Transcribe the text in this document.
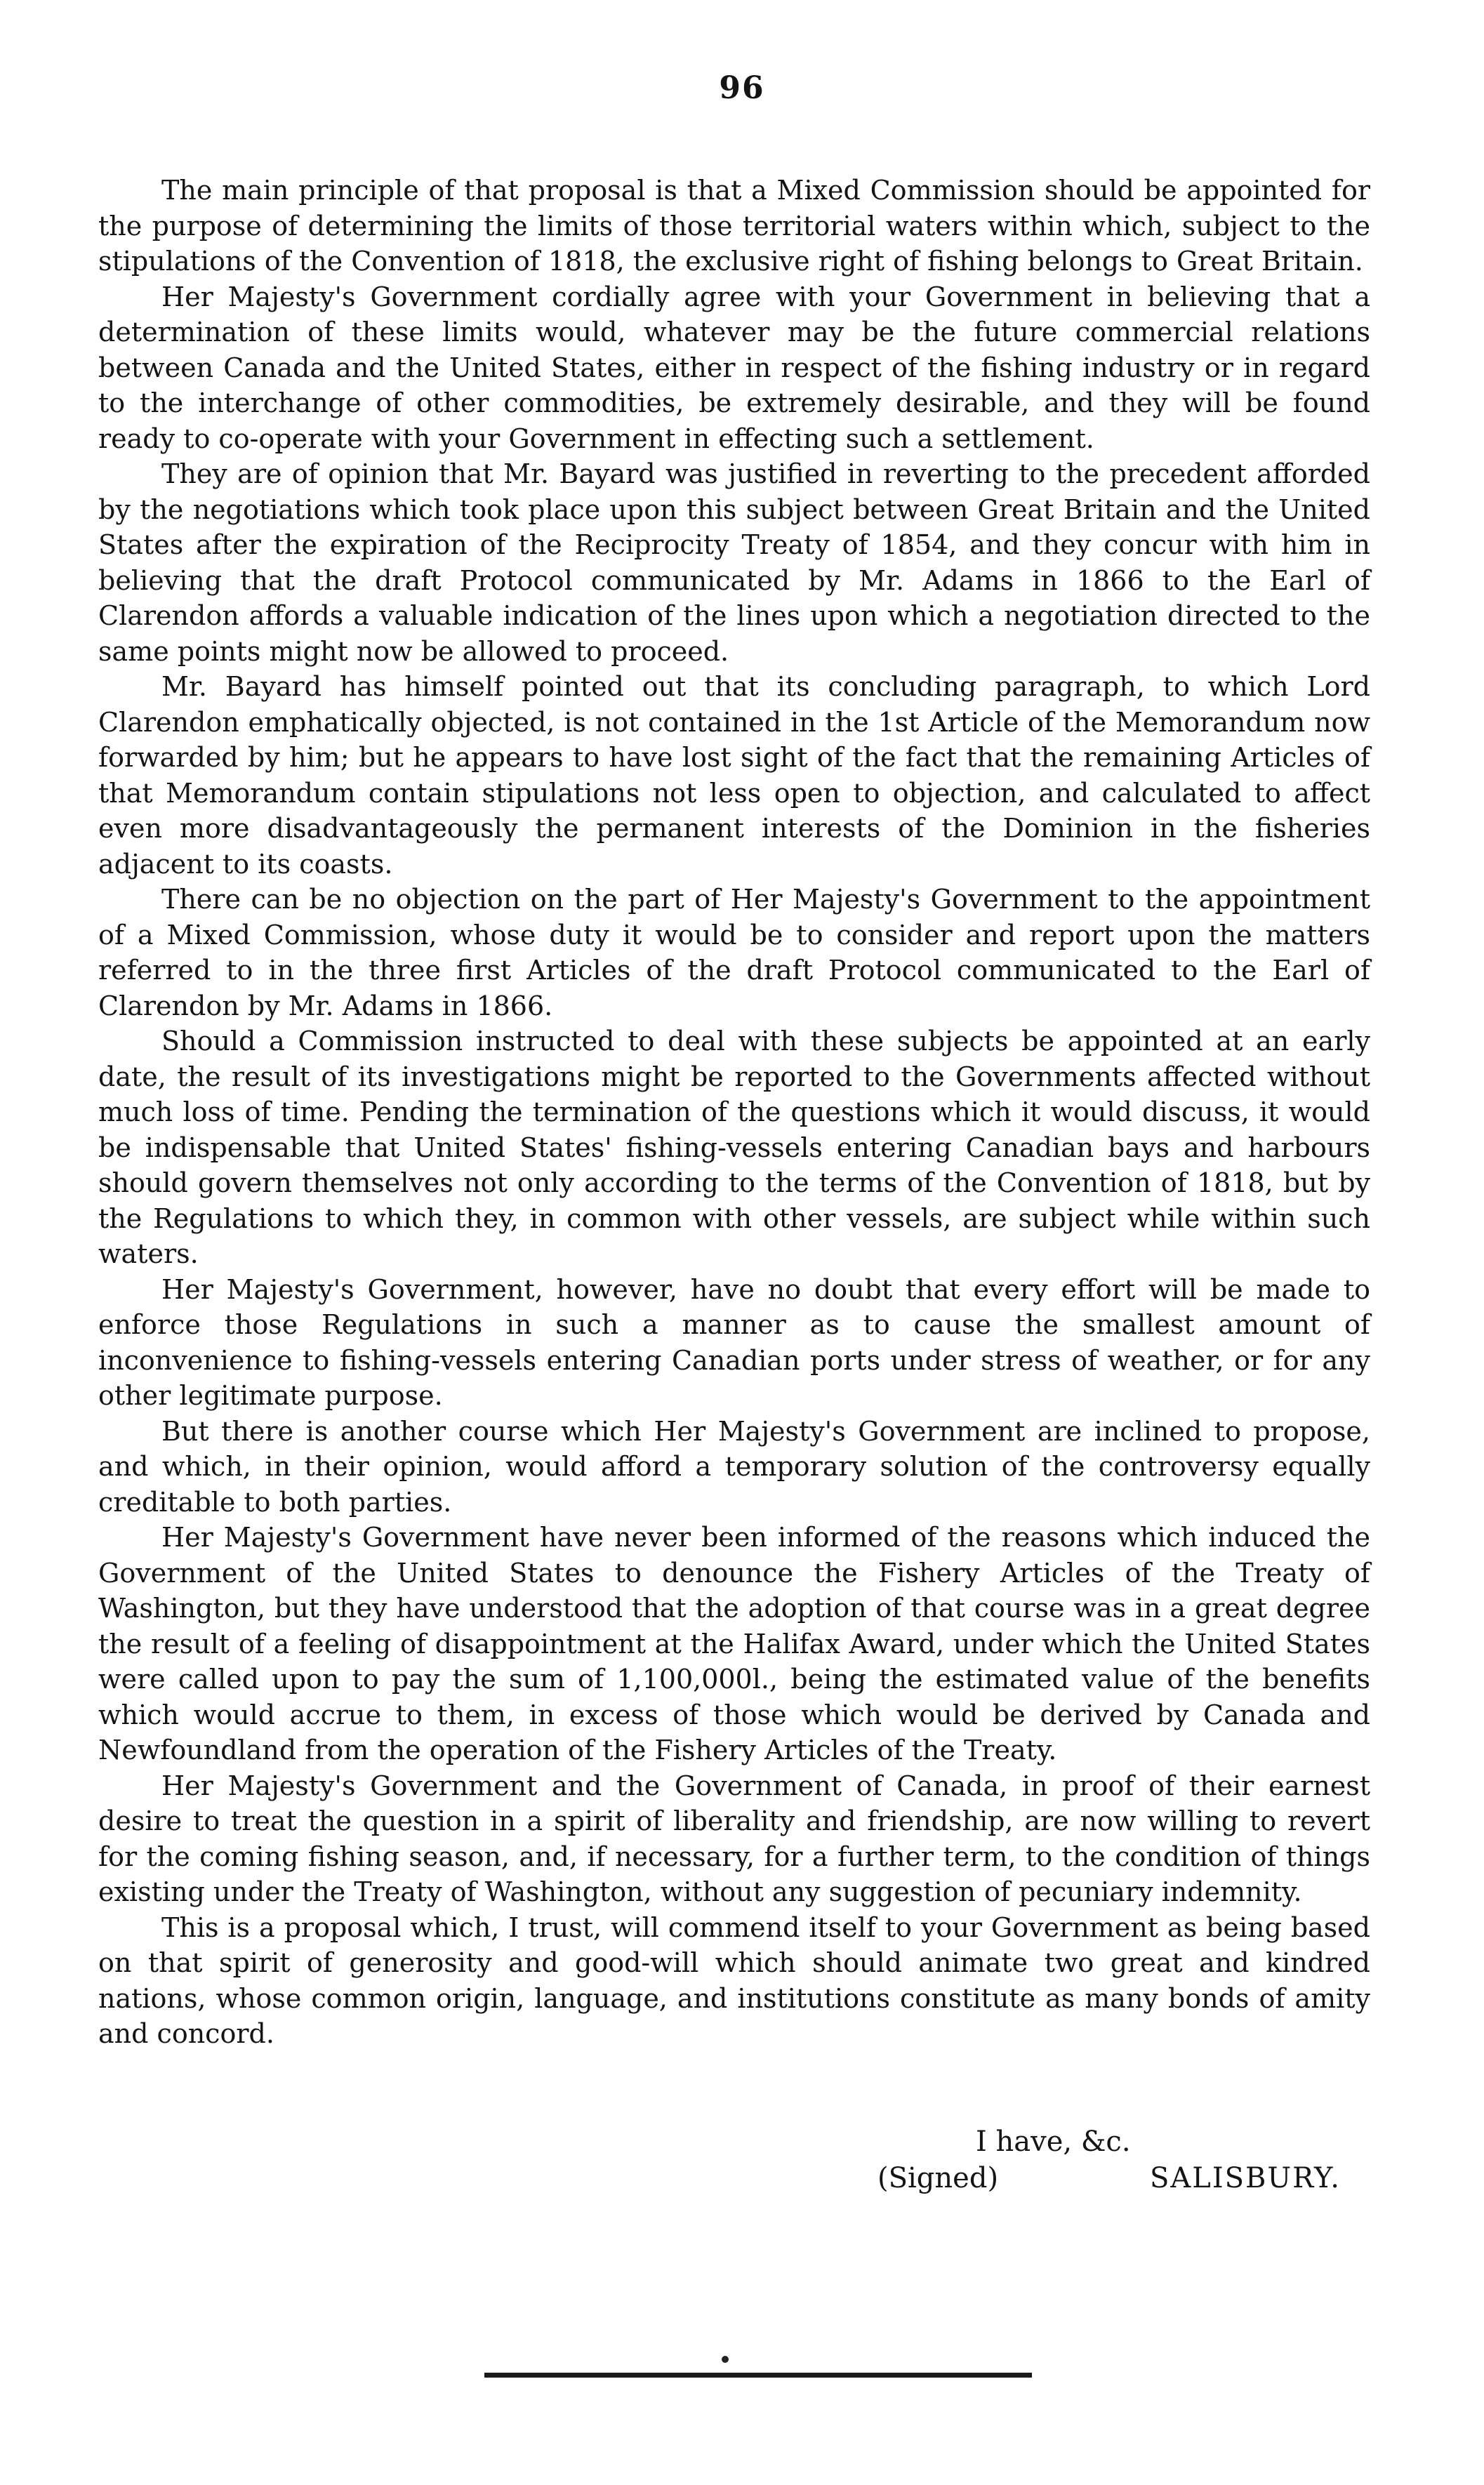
96

The main principle of that proposal is that a Mixed Commission should be appointed for the purpose of determining the limits of those territorial waters within which, subject to the stipulations of the Convention of 1818, the exclusive right of fishing belongs to Great Britain.

Her Majesty's Government cordially agree with your Government in believing that a determination of these limits would, whatever may be the future commercial relations between Canada and the United States, either in respect of the fishing industry or in regard to the interchange of other commodities, be extremely desirable, and they will be found ready to co-operate with your Government in effecting such a settlement.

They are of opinion that Mr. Bayard was justified in reverting to the precedent afforded by the negotiations which took place upon this subject between Great Britain and the United States after the expiration of the Reciprocity Treaty of 1854, and they concur with him in believing that the draft Protocol communicated by Mr. Adams in 1866 to the Earl of Clarendon affords a valuable indication of the lines upon which a negotiation directed to the same points might now be allowed to proceed.

Mr. Bayard has himself pointed out that its concluding paragraph, to which Lord Clarendon emphatically objected, is not contained in the 1st Article of the Memorandum now forwarded by him; but he appears to have lost sight of the fact that the remaining Articles of that Memorandum contain stipulations not less open to objection, and calculated to affect even more disadvantageously the permanent interests of the Dominion in the fisheries adjacent to its coasts.

There can be no objection on the part of Her Majesty's Government to the appointment of a Mixed Commission, whose duty it would be to consider and report upon the matters referred to in the three first Articles of the draft Protocol communicated to the Earl of Clarendon by Mr. Adams in 1866.

Should a Commission instructed to deal with these subjects be appointed at an early date, the result of its investigations might be reported to the Governments affected without much loss of time. Pending the termination of the questions which it would discuss, it would be indispensable that United States' fishing-vessels entering Canadian bays and harbours should govern themselves not only according to the terms of the Convention of 1818, but by the Regulations to which they, in common with other vessels, are subject while within such waters.

Her Majesty's Government, however, have no doubt that every effort will be made to enforce those Regulations in such a manner as to cause the smallest amount of inconvenience to fishing-vessels entering Canadian ports under stress of weather, or for any other legitimate purpose.

But there is another course which Her Majesty's Government are inclined to propose, and which, in their opinion, would afford a temporary solution of the controversy equally creditable to both parties.

Her Majesty's Government have never been informed of the reasons which induced the Government of the United States to denounce the Fishery Articles of the Treaty of Washington, but they have understood that the adoption of that course was in a great degree the result of a feeling of disappointment at the Halifax Award, under which the United States were called upon to pay the sum of 1,100,000l., being the estimated value of the benefits which would accrue to them, in excess of those which would be derived by Canada and Newfoundland from the operation of the Fishery Articles of the Treaty.

Her Majesty's Government and the Government of Canada, in proof of their earnest desire to treat the question in a spirit of liberality and friendship, are now willing to revert for the coming fishing season, and, if necessary, for a further term, to the condition of things existing under the Treaty of Washington, without any suggestion of pecuniary indemnity.

This is a proposal which, I trust, will commend itself to your Government as being based on that spirit of generosity and good-will which should animate two great and kindred nations, whose common origin, language, and institutions constitute as many bonds of amity and concord.

I have, &c.
(Signed)	SALISBURY.
